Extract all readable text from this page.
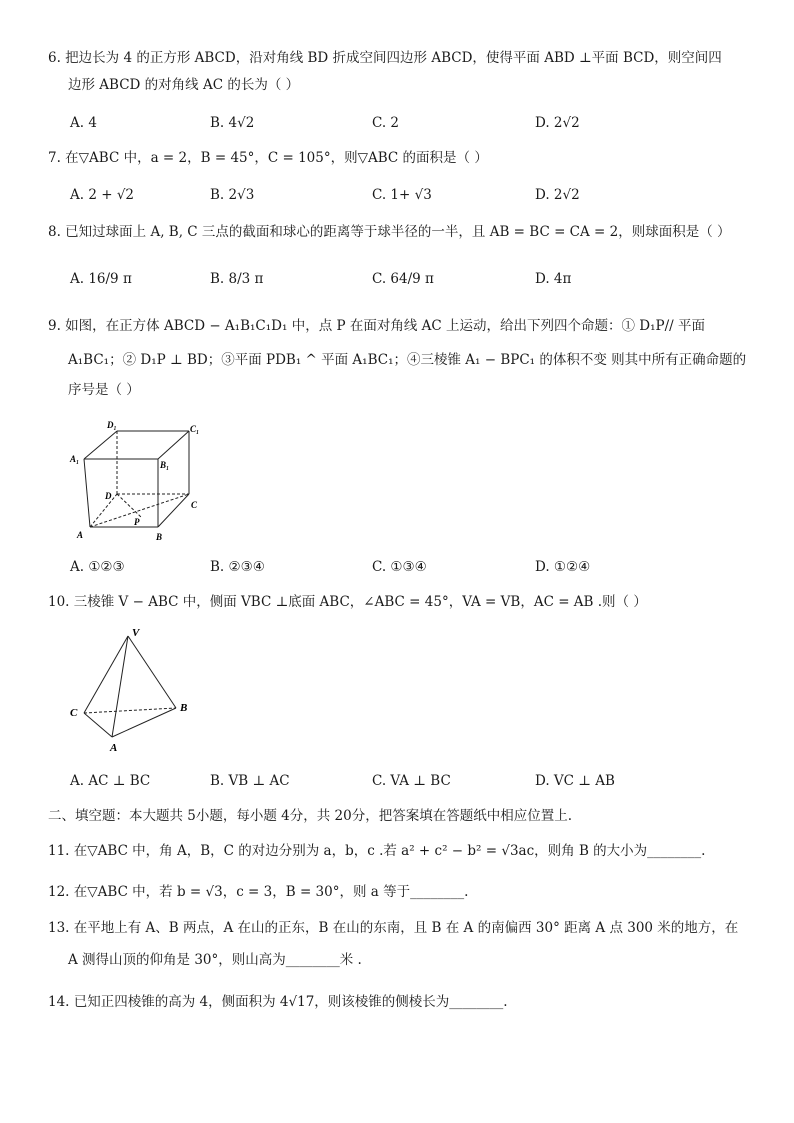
6. 把边长为 4 的正方形 ABCD，沿对角线 BD 折成空间四边形 ABCD，使得平面 ABD ⊥平面 BCD，则空间四
边形 ABCD 的对角线 AC 的长为（ ）
A. 4	B. 4√2	C. 2	D. 2√2
7. 在▽ABC 中，a = 2，B = 45°，C = 105°，则▽ABC 的面积是（ ）
A. 2 + √2	B. 2√3	C. 1+ √3	D. 2√2
8. 已知过球面上 A, B, C 三点的截面和球心的距离等于球半径的一半，且 AB = BC = CA = 2，则球面积是（ ）
A. 16/9 π	B. 8/3 π	C. 64/9 π	D. 4π
9. 如图，在正方体 ABCD − A₁B₁C₁D₁ 中，点 P 在面对角线 AC 上运动，给出下列四个命题：① D₁P// 平面
A₁BC₁；② D₁P ⊥ BD；③平面 PDB₁ ^ 平面 A₁BC₁；④三棱锥 A₁ − BPC₁ 的体积不变 则其中所有正确命题的
序号是（ ）
D₁	C₁
A₁
B₁
D
C
P
A	B
A. ①②③	B. ②③④	C. ①③④	D. ①②④
10. 三棱锥 V − ABC 中，侧面 VBC ⊥底面 ABC，∠ABC = 45°，VA = VB，AC = AB .则（ ）
V
C	B
A
A. AC ⊥ BC	B. VB ⊥ AC	C. VA ⊥ BC	D. VC ⊥ AB
二、填空题：本大题共 5小题，每小题 4分，共 20分，把答案填在答题纸中相应位置上.
11. 在▽ABC 中，角 A，B，C 的对边分别为 a，b，c .若 a² + c² − b² = √3ac，则角 B 的大小为________.
12. 在▽ABC 中，若 b = √3，c = 3，B = 30°，则 a 等于________.
13. 在平地上有 A、B 两点，A 在山的正东，B 在山的东南，且 B 在 A 的南偏西 30° 距离 A 点 300 米的地方，在
A 测得山顶的仰角是 30°，则山高为________米 .
14. 已知正四棱锥的高为 4，侧面积为 4√17，则该棱锥的侧棱长为________.
